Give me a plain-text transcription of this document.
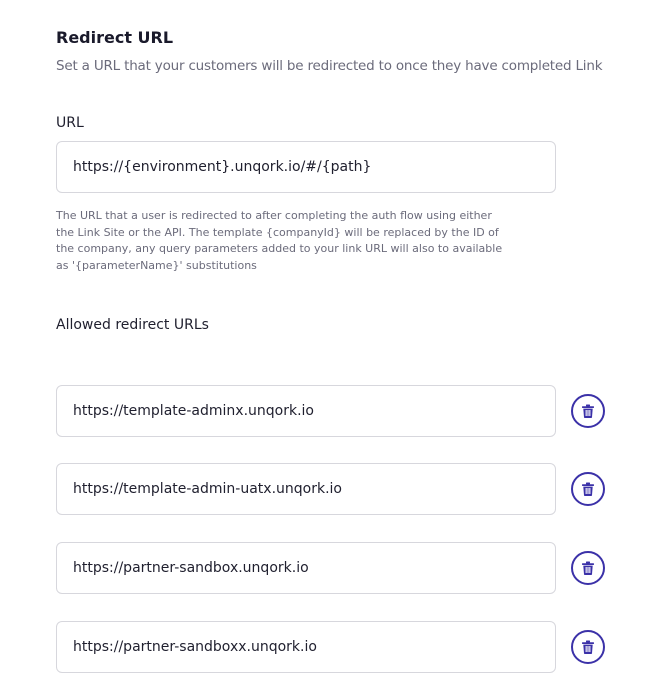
Redirect URL
Set a URL that your customers will be redirected to once they have completed Link
URL
https://{environment}.unqork.io/#/{path}
The URL that a user is redirected to after completing the auth flow using either the Link Site or the API. The template {companyId} will be replaced by the ID of the company, any query parameters added to your link URL will also to available as '{parameterName}' substitutions
Allowed redirect URLs
https://template-adminx.unqork.io
https://template-admin-uatx.unqork.io
https://partner-sandbox.unqork.io
https://partner-sandboxx.unqork.io
